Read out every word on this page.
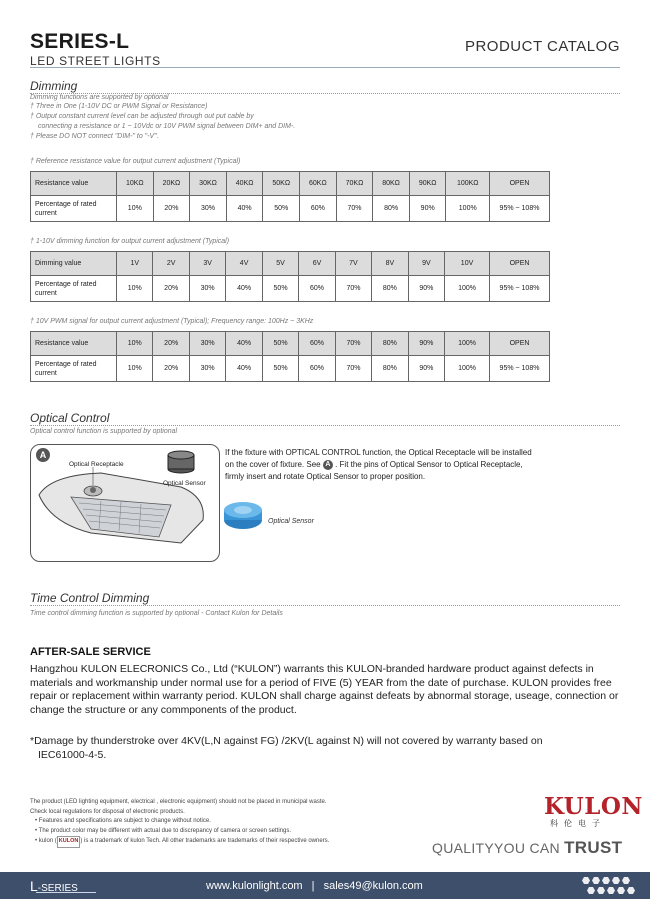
SERIES-L
LED STREET LIGHTS
PRODUCT CATALOG
Dimming
Dimming functions are supported by optional
† Three in One (1-10V DC or PWM Signal or Resistance)
† Output constant current level can be adjusted through out put cable by
connecting a resistance or 1 ~ 10Vdc or 10V PWM signal between DIM+ and DIM-.
† Please DO NOT connect "DIM-" to "-V".
† Reference resistance value for output current adjustment (Typical)
Resistance value	10KΩ	20KΩ	30KΩ	40KΩ	50KΩ	60KΩ	70KΩ	80KΩ	90KΩ	100KΩ	OPEN
Percentage of rated current	10%	20%	30%	40%	50%	60%	70%	80%	90%	100%	95% ~ 108%
† 1-10V dimming function for output current adjustment (Typical)
Dimming value	1V	2V	3V	4V	5V	6V	7V	8V	9V	10V	OPEN
Percentage of rated current	10%	20%	30%	40%	50%	60%	70%	80%	90%	100%	95% ~ 108%
† 10V PWM signal for output current adjustment (Typical); Frequency range: 100Hz ~ 3KHz
Resistance value	10%	20%	30%	40%	50%	60%	70%	80%	90%	100%	OPEN
Percentage of rated current	10%	20%	30%	40%	50%	60%	70%	80%	90%	100%	95% ~ 108%
Optical Control
Optical control function is supported by optional
A
Optical Receptacle
Optical Sensor
If the fixture with OPTICAL CONTROL function, the Optical Receptacle will be installed
on the cover of fixture. See A . Fit the pins of Optical Sensor to Optical Receptacle,
firmly insert and rotate Optical Sensor to proper position.
Optical Sensor
Time Control Dimming
Time control dimming function is supported by optional - Contact Kulon for Details
AFTER-SALE SERVICE
Hangzhou KULON ELECRONICS Co., Ltd (“KULON”) warrants this KULON-branded hardware product against defects in materials and workmanship under normal use for a period of FIVE (5) YEAR from the date of purchase. KULON provides free repair or replacement within warranty period. KULON shall charge against defeats by abnormal storage, useage, connection or change the structure or any commponents of the product.
*Damage by thunderstroke over 4KV(L,N against FG) /2KV(L against N) will not covered by warranty based on
IEC61000-4-5.
The product (LED lighting equipment, electrical , electronic equipment) should not be placed in municipal waste.
Check local regulations for disposal of electronic products.
• Features and specifications are subject to change without notice.
• The product color may be different with actual due to discrepancy of camera or screen settings.
• kulon ( KULON ) is a trademark of kulon Tech. All other trademarks are trademarks of their respective owners.
KULON
科伦电子
QUALITYYOU CAN TRUST
L-SERIES	www.kulonlight.com | sales49@kulon.com
